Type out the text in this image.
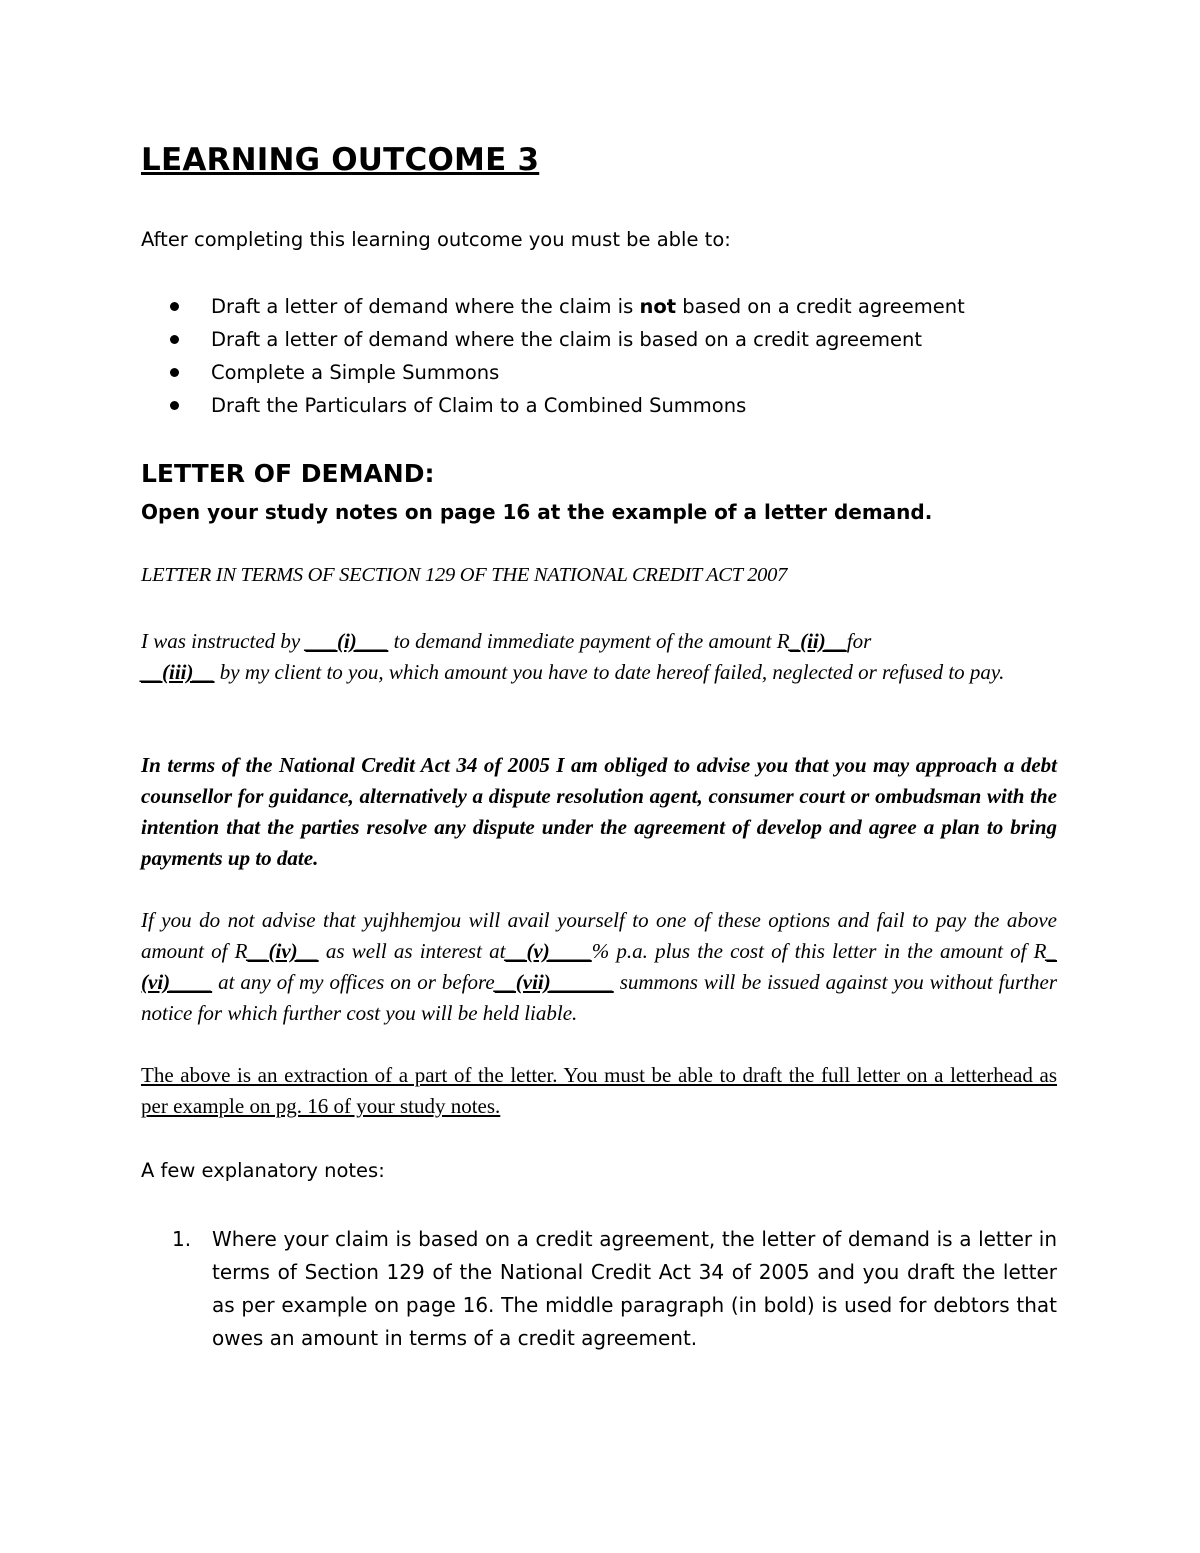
LEARNING OUTCOME 3
After completing this learning outcome you must be able to:
Draft a letter of demand where the claim is not based on a credit agreement
Draft a letter of demand where the claim is based on a credit agreement
Complete a Simple Summons
Draft the Particulars of Claim to a Combined Summons
LETTER OF DEMAND:
Open your study notes on page 16 at the example of a letter demand.
LETTER IN TERMS OF SECTION 129 OF THE NATIONAL CREDIT ACT 2007
I was instructed by ___(i)___ to demand immediate payment of the amount R_(ii)__for
__(iii)__ by my client to you, which amount you have to date hereof failed, neglected or refused to pay.
In terms of the National Credit Act 34 of 2005 I am obliged to advise you that you may approach a debt counsellor for guidance, alternatively a dispute resolution agent, consumer court or ombudsman with the intention that the parties resolve any dispute under the agreement of develop and agree a plan to bring payments up to date.
If you do not advise that yujhhemjou will avail yourself to one of these options and fail to pay the above amount of R__(iv)__ as well as interest at__(v)____% p.a. plus the cost of this letter in the amount of R_ (vi)____ at any of my offices on or before__(vii)______ summons will be issued against you without further notice for which further cost you will be held liable.
The above is an extraction of a part of the letter. You must be able to draft the full letter on a letterhead as per example on pg. 16 of your study notes.
A few explanatory notes:
1. Where your claim is based on a credit agreement, the letter of demand is a letter in terms of Section 129 of the National Credit Act 34 of 2005 and you draft the letter as per example on page 16. The middle paragraph (in bold) is used for debtors that owes an amount in terms of a credit agreement.
